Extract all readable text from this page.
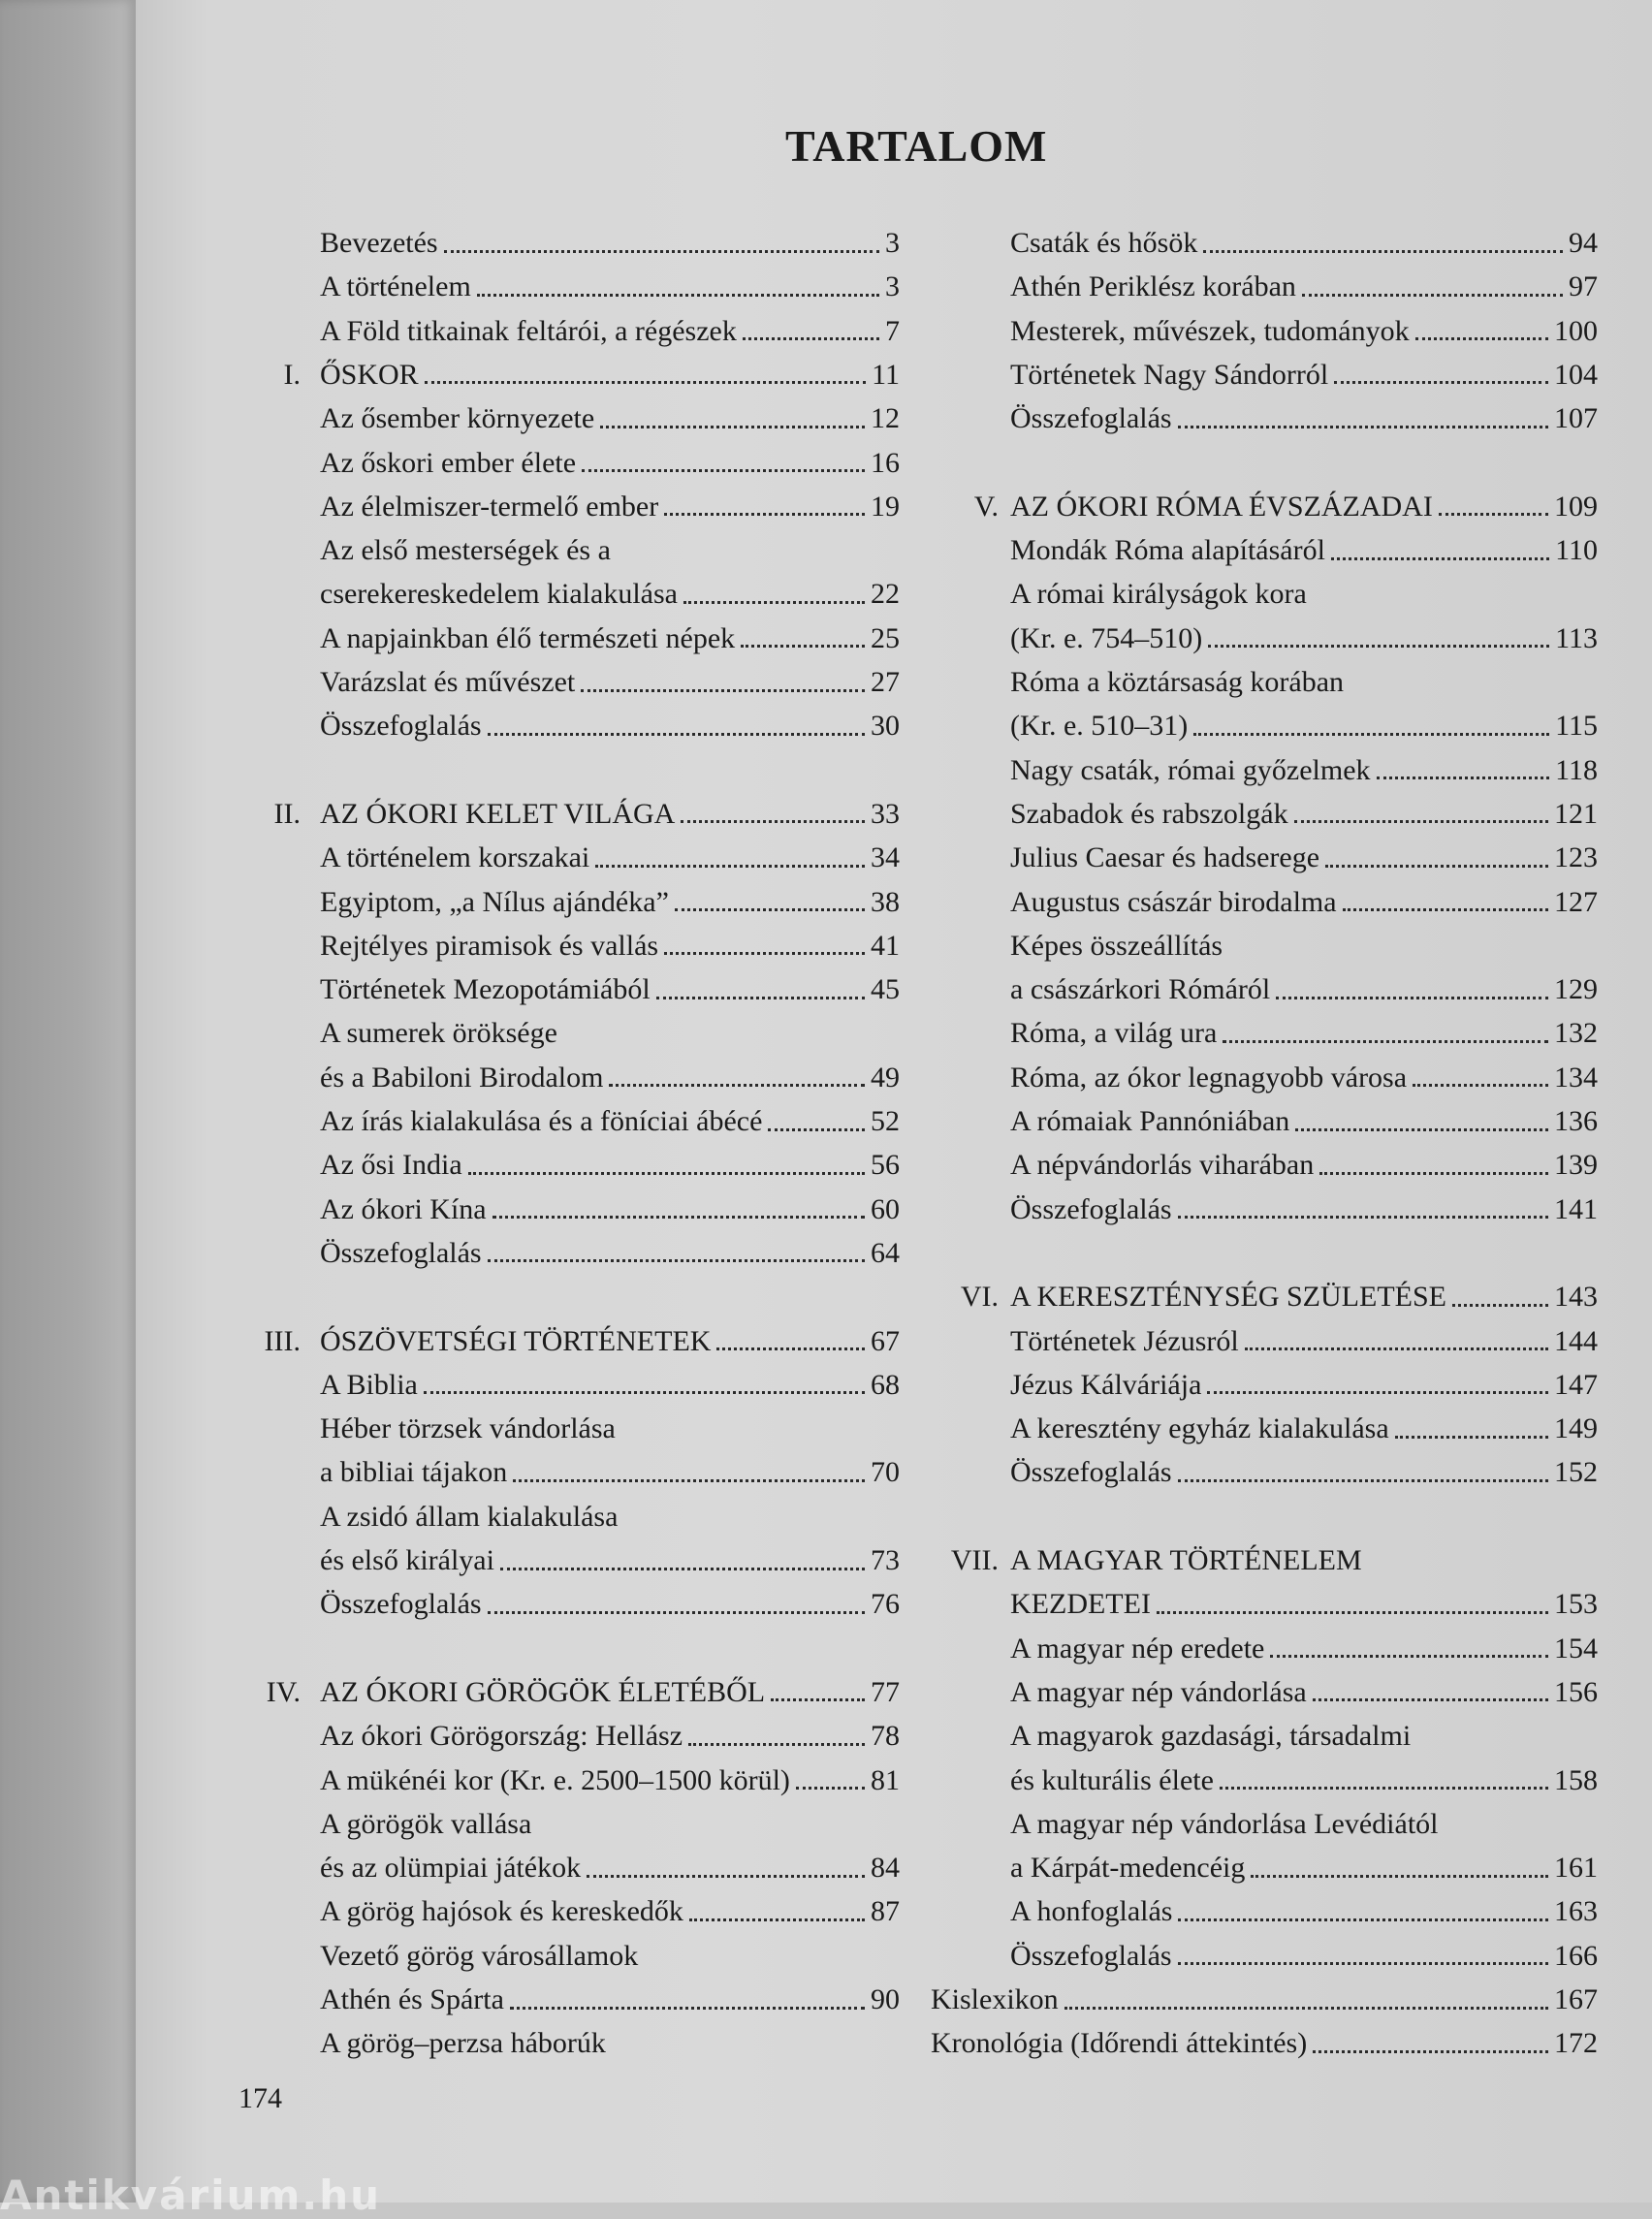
TARTALOM
Bevezetés	3
A történelem	3
A Föld titkainak feltárói, a régészek	7
I. ŐSKOR	11
Az ősember környezete	12
Az őskori ember élete	16
Az élelmiszer-termelő ember	19
Az első mesterségek és a
cserekereskedelem kialakulása	22
A napjainkban élő természeti népek	25
Varázslat és művészet	27
Összefoglalás	30
II. AZ ÓKORI KELET VILÁGA	33
A történelem korszakai	34
Egyiptom, „a Nílus ajándéka”	38
Rejtélyes piramisok és vallás	41
Történetek Mezopotámiából	45
A sumerek öröksége
és a Babiloni Birodalom	49
Az írás kialakulása és a föníciai ábécé	52
Az ősi India	56
Az ókori Kína	60
Összefoglalás	64
III. ÓSZÖVETSÉGI TÖRTÉNETEK	67
A Biblia	68
Héber törzsek vándorlása
a bibliai tájakon	70
A zsidó állam kialakulása
és első királyai	73
Összefoglalás	76
IV. AZ ÓKORI GÖRÖGÖK ÉLETÉBŐL	77
Az ókori Görögország: Hellász	78
A mükénéi kor (Kr. e. 2500–1500 körül)	81
A görögök vallása
és az olümpiai játékok	84
A görög hajósok és kereskedők	87
Vezető görög városállamok
Athén és Spárta	90
A görög–perzsa háborúk
Csaták és hősök	94
Athén Periklész korában	97
Mesterek, művészek, tudományok	100
Történetek Nagy Sándorról	104
Összefoglalás	107
V. AZ ÓKORI RÓMA ÉVSZÁZADAI	109
Mondák Róma alapításáról	110
A római királyságok kora
(Kr. e. 754–510)	113
Róma a köztársaság korában
(Kr. e. 510–31)	115
Nagy csaták, római győzelmek	118
Szabadok és rabszolgák	121
Julius Caesar és hadserege	123
Augustus császár birodalma	127
Képes összeállítás
a császárkori Rómáról	129
Róma, a világ ura	132
Róma, az ókor legnagyobb városa	134
A rómaiak Pannóniában	136
A népvándorlás viharában	139
Összefoglalás	141
VI. A KERESZTÉNYSÉG SZÜLETÉSE	143
Történetek Jézusról	144
Jézus Kálváriája	147
A keresztény egyház kialakulása	149
Összefoglalás	152
VII. A MAGYAR TÖRTÉNELEM
KEZDETEI	153
A magyar nép eredete	154
A magyar nép vándorlása	156
A magyarok gazdasági, társadalmi
és kulturális élete	158
A magyar nép vándorlása Levédiától
a Kárpát-medencéig	161
A honfoglalás	163
Összefoglalás	166
Kislexikon	167
Kronológia (Időrendi áttekintés)	172
174
Antikvárium.hu
